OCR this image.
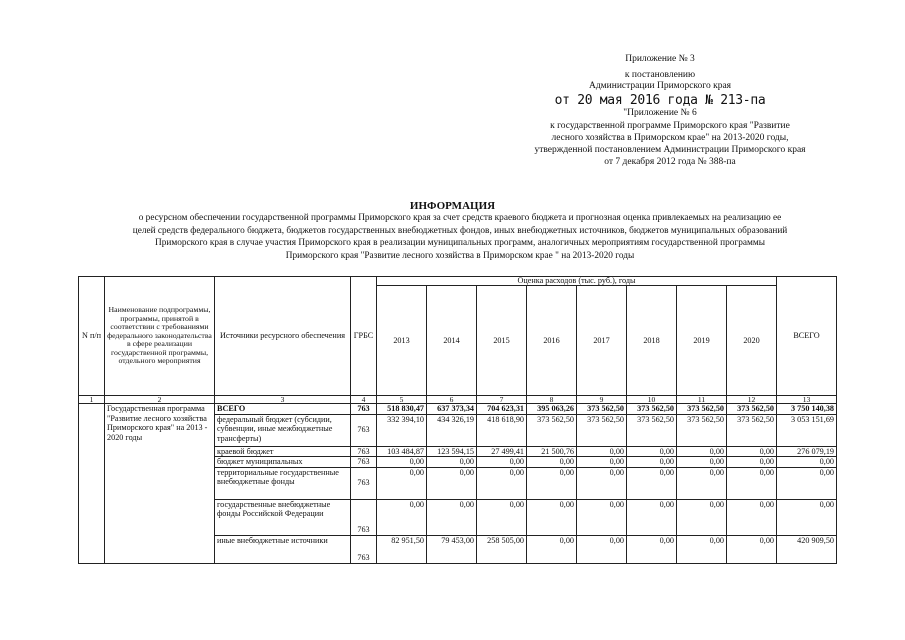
Приложение № 3
к постановлению
Администрации Приморского края
от 20 мая 2016 года № 213-па
"Приложение № 6
к государственной программе Приморского края "Развитие
лесного хозяйства в Приморском крае" на 2013-2020 годы,
утвержденной постановлением Администрации Приморского края
от 7 декабря 2012 года № 388-па
ИНФОРМАЦИЯ
о ресурсном обеспечении государственной программы Приморского края за счет средств краевого бюджета и прогнозная оценка привлекаемых на реализацию ее
целей средств федерального бюджета, бюджетов государственных внебюджетных фондов, иных внебюджетных источников, бюджетов муниципальных образований
Приморского края в случае участия Приморского края в реализации муниципальных программ, аналогичных мероприятиям государственной программы
Приморского края "Развитие лесного хозяйства в Приморском крае " на 2013-2020 годы
N п/п	Наименование подпрограммы, программы, принятой в соответствии с требованиями федерального законодательства в сфере реализации государственной программы, отдельного мероприятия	Источники ресурсного обеспечения	ГРБС	Оценка расходов (тыс. руб.), годы								ВСЕГО
				2013	2014	2015	2016	2017	2018	2019	2020	
1	2	3	4	5	6	7	8	9	10	11	12	13
	Государственная программа "Развитие лесного хозяйства Приморского края" на 2013 - 2020 годы	ВСЕГО	763	518 830,47	637 373,34	704 623,31	395 063,26	373 562,50	373 562,50	373 562,50	373 562,50	3 750 140,38
		федеральный бюджет (субсидии, субвенции, иные межбюджетные трансферты)	763	332 394,10	434 326,19	418 618,90	373 562,50	373 562,50	373 562,50	373 562,50	373 562,50	3 053 151,69
		краевой бюджет	763	103 484,87	123 594,15	27 499,41	21 500,76	0,00	0,00	0,00	0,00	276 079,19
		бюджет муниципальных	763	0,00	0,00	0,00	0,00	0,00	0,00	0,00	0,00	0,00
		территориальные государственные внебюджетные фонды	763	0,00	0,00	0,00	0,00	0,00	0,00	0,00	0,00	0,00
		государственные внебюджетные фонды Российской Федерации	763	0,00	0,00	0,00	0,00	0,00	0,00	0,00	0,00	0,00
		иные внебюджетные источники	763	82 951,50	79 453,00	258 505,00	0,00	0,00	0,00	0,00	0,00	420 909,50
